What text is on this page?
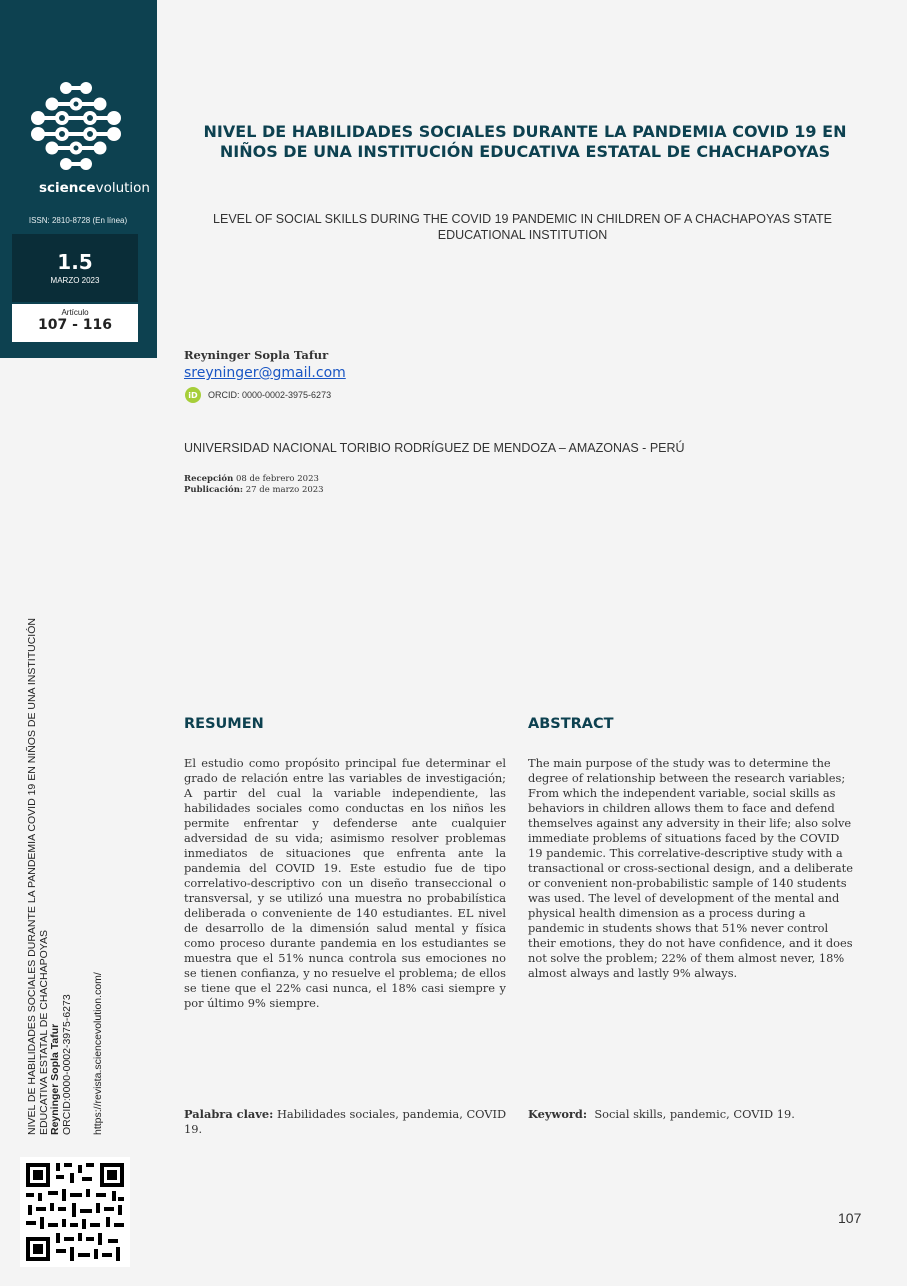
sciencevolution
ISSN: 2810-8728 (En línea)
1.5
MARZO 2023
Artículo
107 - 116
NIVEL DE HABILIDADES SOCIALES DURANTE LA PANDEMIA COVID 19 EN NIÑOS DE UNA INSTITUCIÓN EDUCATIVA ESTATAL DE CHACHAPOYAS
LEVEL OF SOCIAL SKILLS DURING THE COVID 19 PANDEMIC IN CHILDREN OF A CHACHAPOYAS STATE EDUCATIONAL INSTITUTION
Reyninger Sopla Tafur
sreyninger@gmail.com
iD	ORCID: 0000-0002-3975-6273
UNIVERSIDAD NACIONAL TORIBIO RODRÍGUEZ DE MENDOZA – AMAZONAS - PERÚ
Recepción 08 de febrero 2023
Publicación: 27 de marzo 2023
RESUMEN
El estudio como propósito principal fue determinar el grado de relación entre las variables de investigación; A partir del cual la variable independiente, las habilidades sociales como conductas en los niños les permite enfrentar y defenderse ante cualquier adversidad de su vida; asimismo resolver problemas inmediatos de situaciones que enfrenta ante la pandemia del COVID 19. Este estudio fue de tipo correlativo-descriptivo con un diseño transeccional o transversal, y se utilizó una muestra no probabilística deliberada o conveniente de 140 estudiantes. EL nivel de desarrollo de la dimensión salud mental y física como proceso durante pandemia en los estudiantes se muestra que el 51% nunca controla sus emociones no se tienen confianza, y no resuelve el problema; de ellos se tiene que el 22% casi nunca, el 18% casi siempre y por último 9% siempre.
Palabra clave: Habilidades sociales, pandemia, COVID 19.
ABSTRACT
The main purpose of the study was to determine the degree of relationship between the research variables; From which the independent variable, social skills as behaviors in children allows them to face and defend themselves against any adversity in their life; also solve immediate problems of situations faced by the COVID 19 pandemic. This correlative-descriptive study with a transactional or cross-sectional design, and a deliberate or convenient non-probabilistic sample of 140 students was used. The level of development of the mental and physical health dimension as a process during a pandemic in students shows that 51% never control their emotions, they do not have confidence, and it does not solve the problem; 22% of them almost never, 18% almost always and lastly 9% always.
Keyword: Social skills, pandemic, COVID 19.
NIVEL DE HABILIDADES SOCIALES DURANTE LA PANDEMIA COVID 19 EN NIÑOS DE UNA INSTITUCIÓN EDUCATIVA ESTATAL DE CHACHAPOYAS Reyninger Sopla Tafur ORCID:0000-0002-3975-6273 https://revista.sciencevolution.com/
107
